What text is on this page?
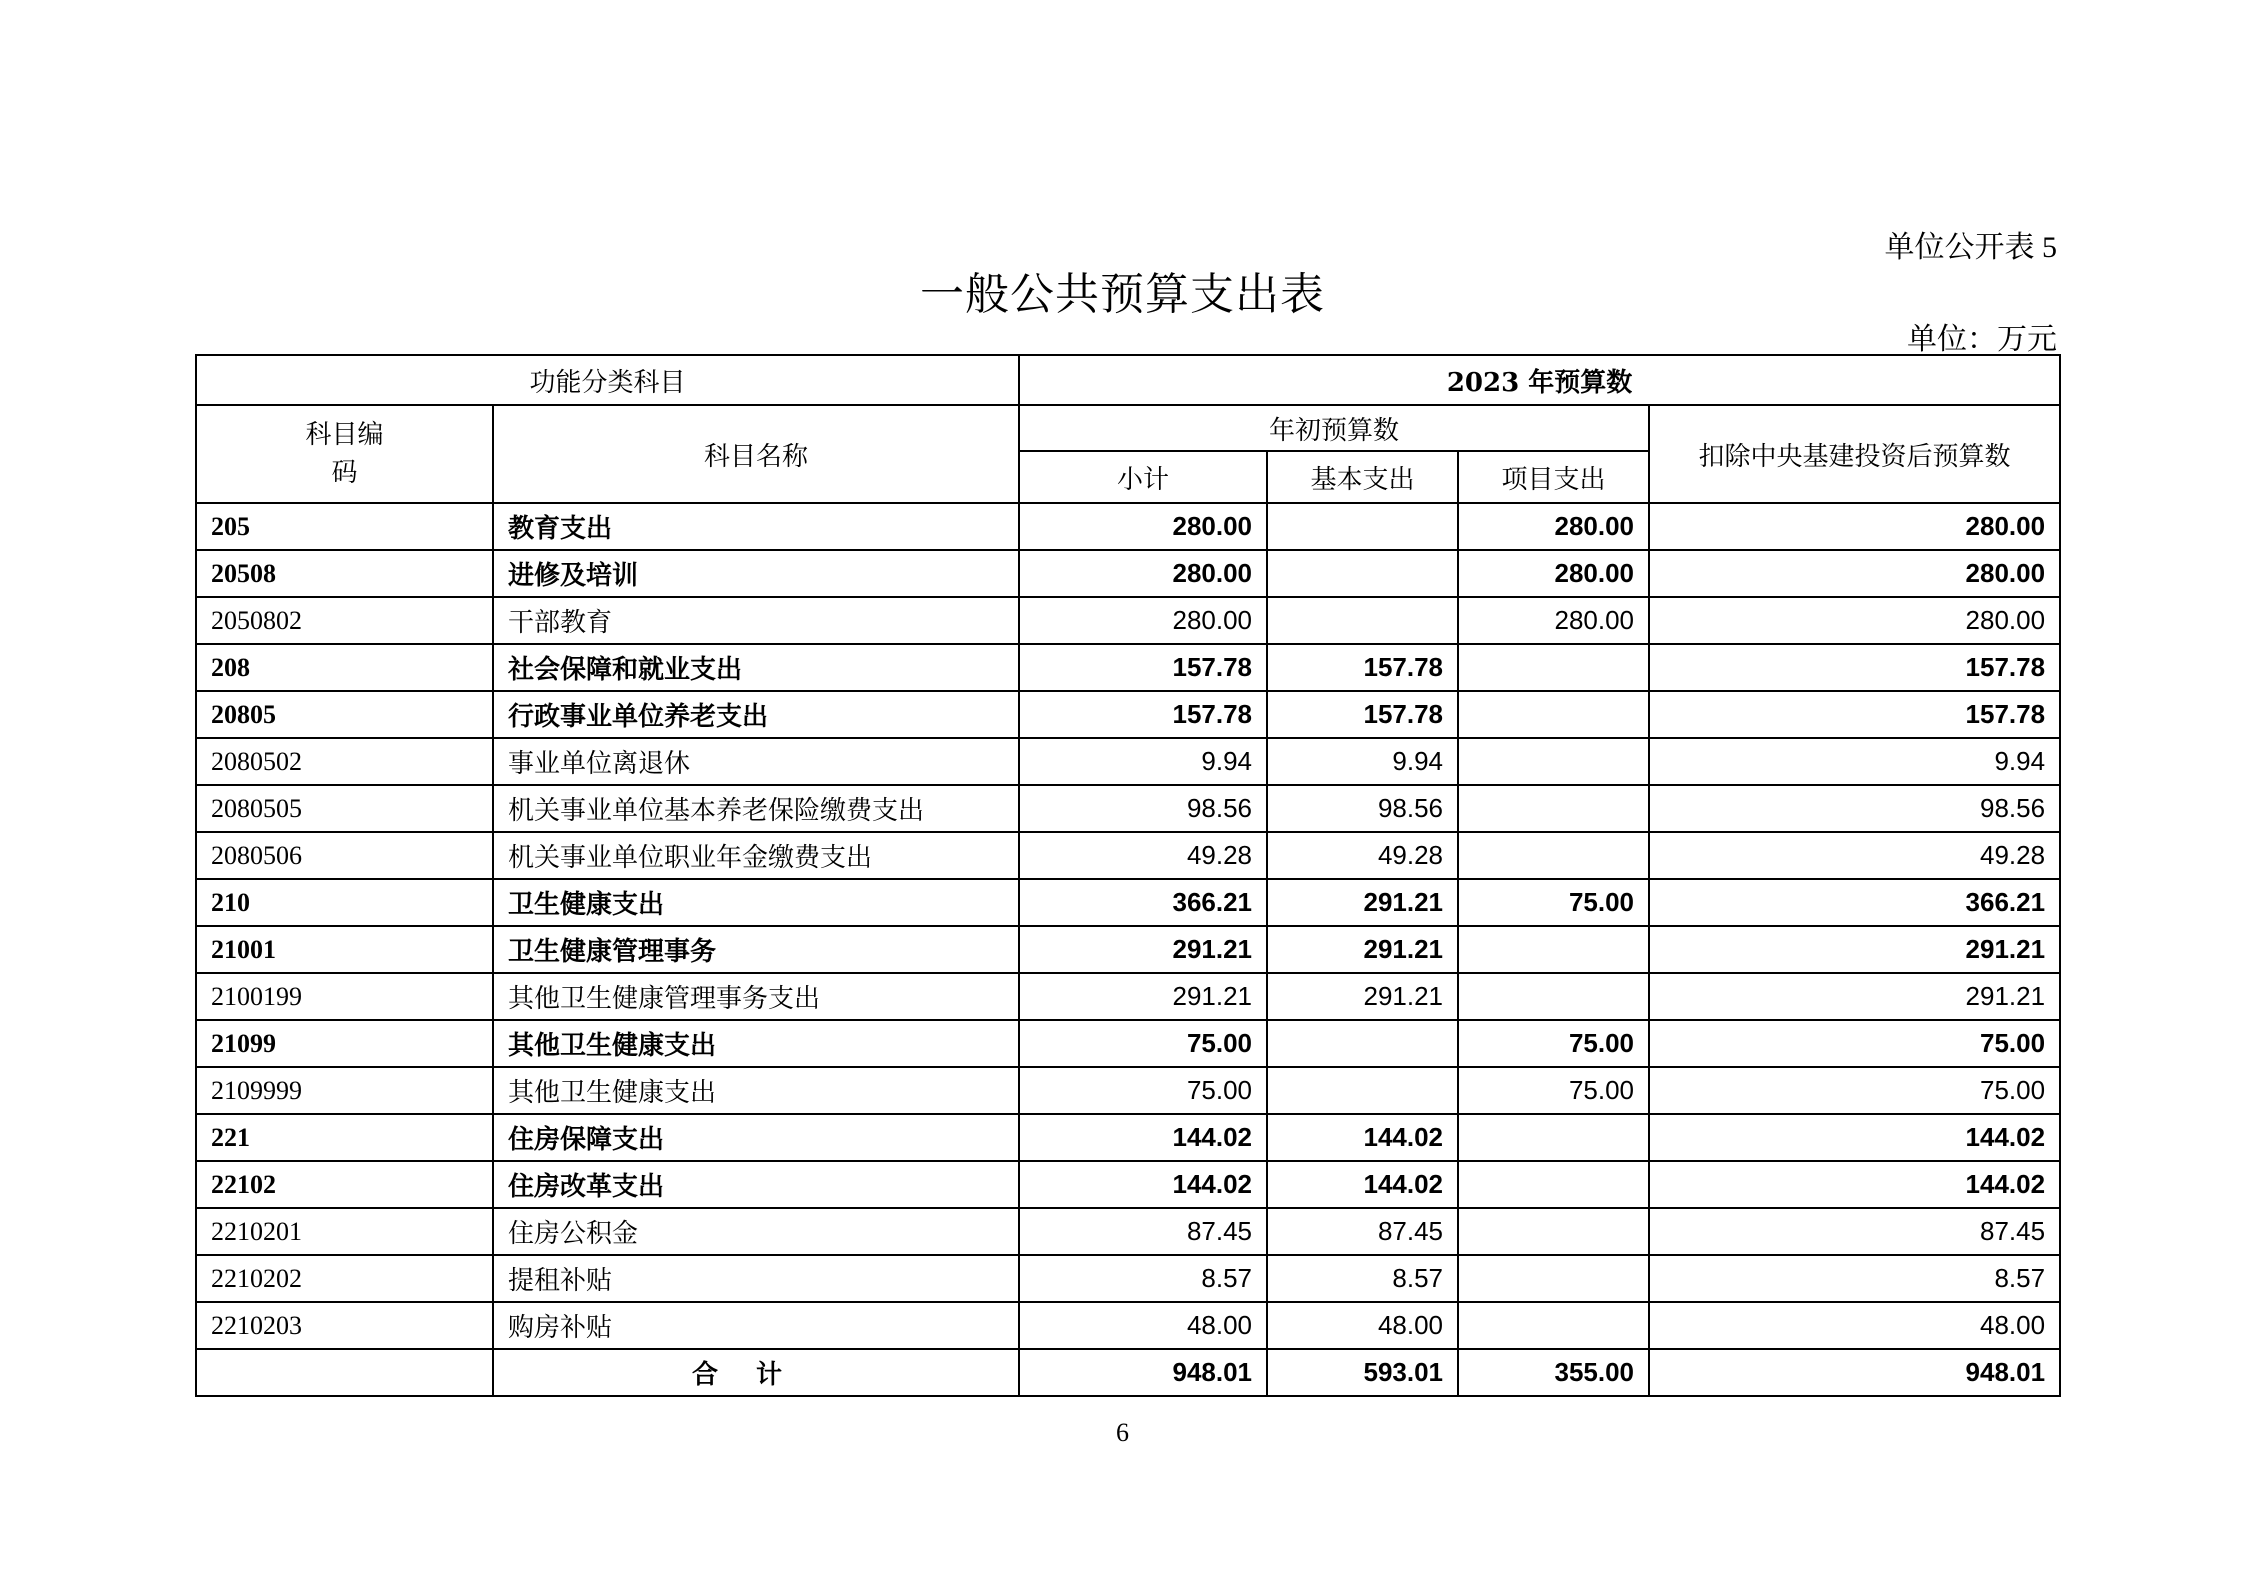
单位公开表 5
一般公共预算支出表
单位：万元
功能分类科目		2023 年预算数			
科目编码	科目名称	年初预算数			扣除中央基建投资后预算数
		小计	基本支出	项目支出	
205	教育支出	280.00		280.00	280.00
20508	进修及培训	280.00		280.00	280.00
2050802	干部教育	280.00		280.00	280.00
208	社会保障和就业支出	157.78	157.78		157.78
20805	行政事业单位养老支出	157.78	157.78		157.78
2080502	事业单位离退休	9.94	9.94		9.94
2080505	机关事业单位基本养老保险缴费支出	98.56	98.56		98.56
2080506	机关事业单位职业年金缴费支出	49.28	49.28		49.28
210	卫生健康支出	366.21	291.21	75.00	366.21
21001	卫生健康管理事务	291.21	291.21		291.21
2100199	其他卫生健康管理事务支出	291.21	291.21		291.21
21099	其他卫生健康支出	75.00		75.00	75.00
2109999	其他卫生健康支出	75.00		75.00	75.00
221	住房保障支出	144.02	144.02		144.02
22102	住房改革支出	144.02	144.02		144.02
2210201	住房公积金	87.45	87.45		87.45
2210202	提租补贴	8.57	8.57		8.57
2210203	购房补贴	48.00	48.00		48.00
	合计	948.01	593.01	355.00	948.01
6
